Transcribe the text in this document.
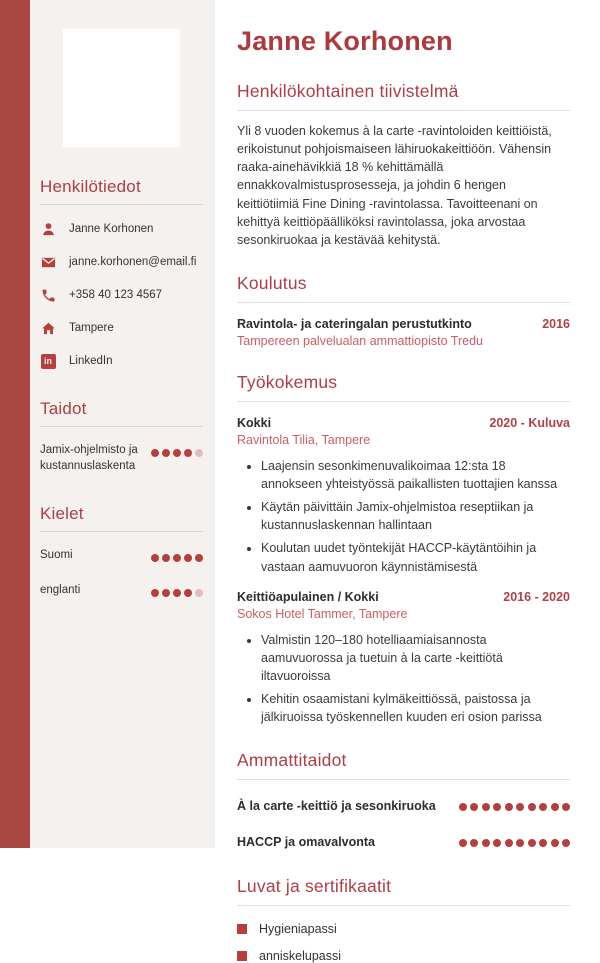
Henkilötiedot
Janne Korhonen
janne.korhonen@email.fi
+358 40 123 4567
Tampere
in	LinkedIn
Taidot
Jamix-ohjelmisto ja kustannuslaskenta
Kielet
Suomi
englanti
Janne Korhonen
Henkilökohtainen tiivistelmä

Yli 8 vuoden kokemus à la carte -ravintoloiden keittiöistä, erikoistunut pohjoismaiseen lähiruokakeittiöön. Vähensin raaka-ainehävikkiä 18 % kehittämällä ennakkovalmistusprosesseja, ja johdin 6 hengen keittiötiimiä Fine Dining -ravintolassa. Tavoitteenani on kehittyä keittiöpäälliköksi ravintolassa, joka arvostaa sesonkiruokaa ja kestävää kehitystä.

Koulutus
Ravintola- ja cateringalan perustutkinto	2016
Tampereen palvelualan ammattiopisto Tredu
Työkokemus
Kokki	2020 - Kuluva
Ravintola Tilia, Tampere
• Laajensin sesonkimenuvalikoimaa 12:sta 18 annokseen yhteistyössä paikallisten tuottajien kanssa
• Käytän päivittäin Jamix-ohjelmistoa reseptiikan ja kustannuslaskennan hallintaan
• Koulutan uudet työntekijät HACCP-käytäntöihin ja vastaan aamuvuoron käynnistämisestä
Keittiöapulainen / Kokki	2016 - 2020
Sokos Hotel Tammer, Tampere
• Valmistin 120–180 hotelliaamiaisannosta aamuvuorossa ja tuetuin à la carte -keittiötä iltavuoroissa
• Kehitin osaamistani kylmäkeittiössä, paistossa ja jälkiruoissa työskennellen kuuden eri osion parissa
Ammattitaidot
À la carte -keittiö ja sesonkiruoka
HACCP ja omavalvonta
Luvat ja sertifikaatit
Hygieniapassi
anniskelupassi
